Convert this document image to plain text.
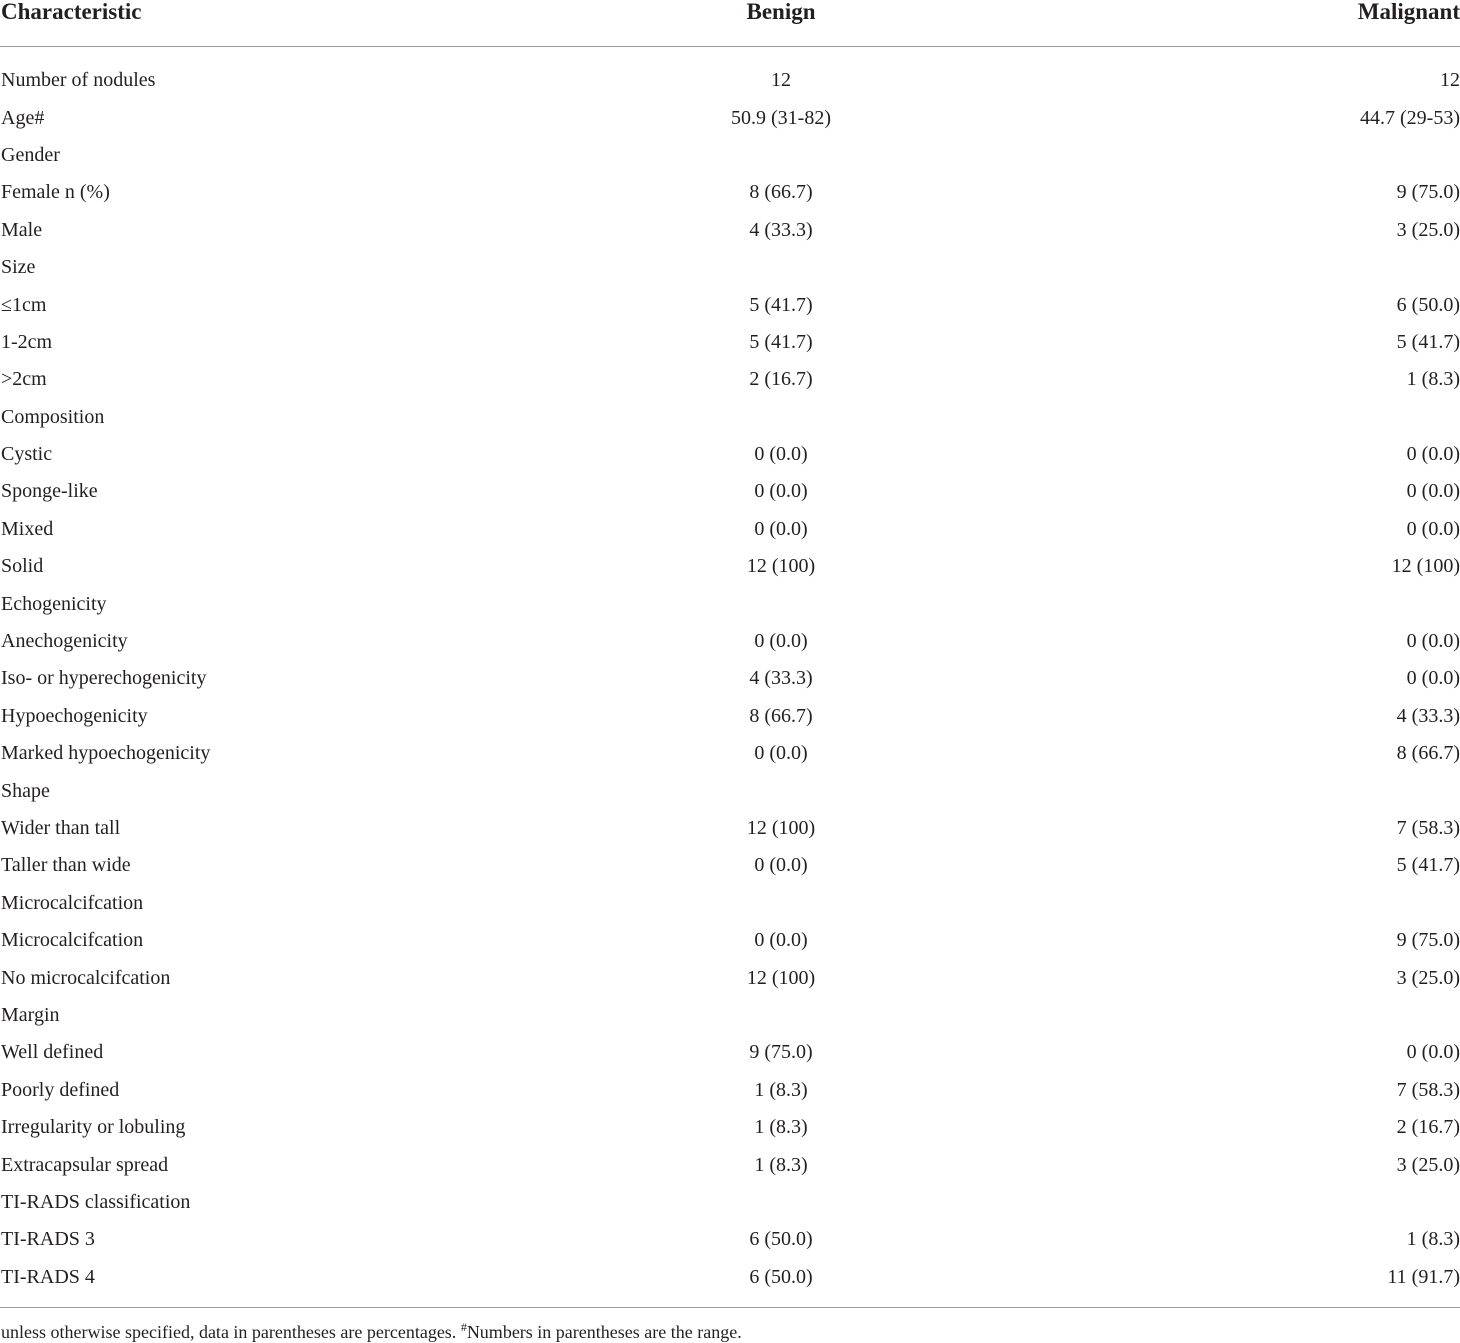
Characteristic	Benign	Malignant

Number of nodules	12	12
Age#	50.9 (31-82)	44.7 (29-53)
Gender		
Female n (%)	8 (66.7)	9 (75.0)
Male	4 (33.3)	3 (25.0)
Size		
≤1cm	5 (41.7)	6 (50.0)
1-2cm	5 (41.7)	5 (41.7)
>2cm	2 (16.7)	1 (8.3)
Composition		
Cystic	0 (0.0)	0 (0.0)
Sponge-like	0 (0.0)	0 (0.0)
Mixed	0 (0.0)	0 (0.0)
Solid	12 (100)	12 (100)
Echogenicity		
Anechogenicity	0 (0.0)	0 (0.0)
Iso- or hyperechogenicity	4 (33.3)	0 (0.0)
Hypoechogenicity	8 (66.7)	4 (33.3)
Marked hypoechogenicity	0 (0.0)	8 (66.7)
Shape		
Wider than tall	12 (100)	7 (58.3)
Taller than wide	0 (0.0)	5 (41.7)
Microcalcifcation		
Microcalcifcation	0 (0.0)	9 (75.0)
No microcalcifcation	12 (100)	3 (25.0)
Margin		
Well defined	9 (75.0)	0 (0.0)
Poorly defined	1 (8.3)	7 (58.3)
Irregularity or lobuling	1 (8.3)	2 (16.7)
Extracapsular spread	1 (8.3)	3 (25.0)
TI-RADS classification		
TI-RADS 3	6 (50.0)	1 (8.3)
TI-RADS 4	6 (50.0)	11 (91.7)
unless otherwise specified, data in parentheses are percentages. #Numbers in parentheses are the range.
